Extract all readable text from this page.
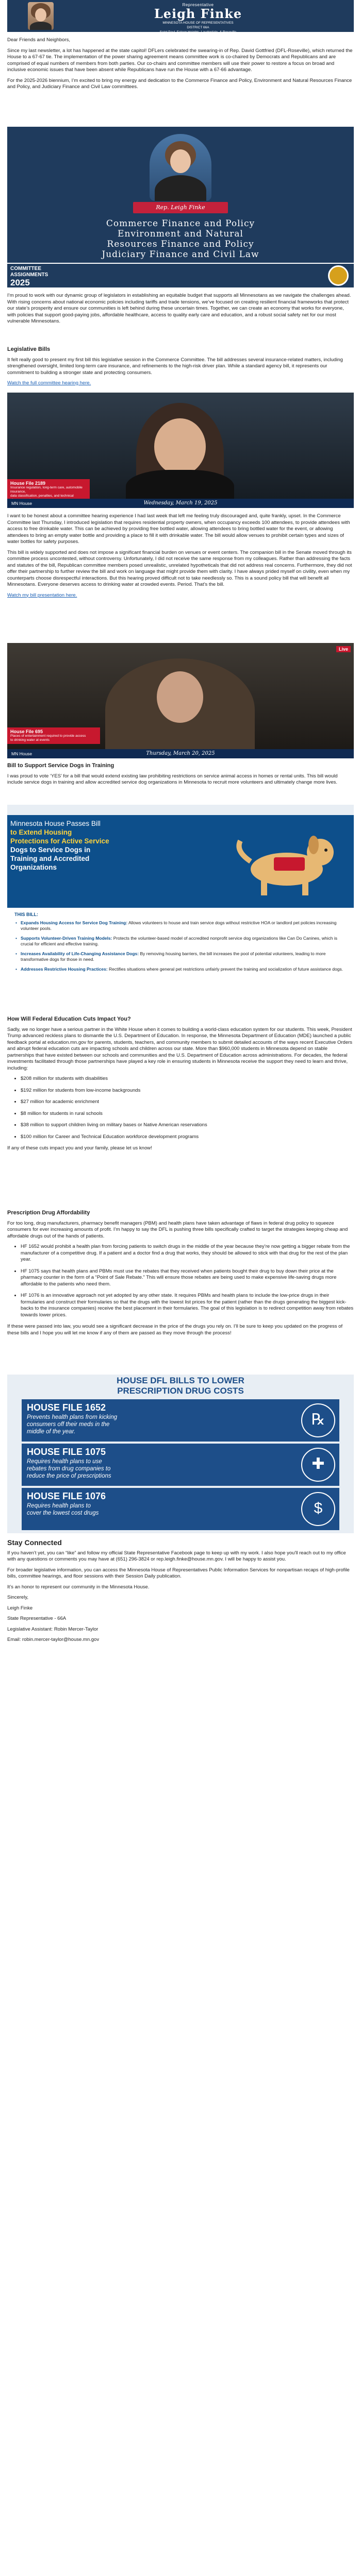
Representative
Leigh Finke
MINNESOTA HOUSE OF REPRESENTATIVES
DISTRICT 66A
Saint Paul, Falcon Heights, Lauderdale, & Roseville

Dear Friends and Neighbors,

Since my last newsletter, a lot has happened at the state capitol! DFLers celebrated the swearing-in of Rep. David Gottfried (DFL-Roseville), which returned the House to a 67-67 tie. The implementation of the power sharing agreement means committee work is co-chaired by Democrats and Republicans and are comprised of equal numbers of members from both parties. Our co-chairs and committee members will use their power to restore a focus on broad and inclusive economic issues that have been absent while Republicans have run the House with a 67-66 advantage.

For the 2025-2026 biennium, I’m excited to bring my energy and dedication to the Commerce Finance and Policy, Environment and Natural Resources Finance and Policy, and Judiciary Finance and Civil Law committees.

Rep. Leigh Finke
Commerce Finance and Policy
Environment and Natural
Resources Finance and Policy
Judiciary Finance and Civil Law
COMMITTEE
ASSIGNMENTS
2025

I’m proud to work with our dynamic group of legislators in establishing an equitable budget that supports all Minnesotans as we navigate the challenges ahead. With rising concerns about national economic policies including tariffs and trade tensions, we’ve focused on creating resilient financial frameworks that protect our state’s prosperity and ensure our communities is left behind during these uncertain times. Together, we can create an economy that works for everyone, with policies that support good-paying jobs, affordable healthcare, access to quality early care and education, and a robust social safety net for our most vulnerable Minnesotans.

Legislative Bills

It felt really good to present my first bill this legislative session in the Commerce Committee. The bill addresses several insurance-related matters, including strengthened oversight, limited long-term care insurance, and refinements to the high-risk driver plan. While a standard agency bill, it represents our commitment to building a stronger state and protecting consumers.

Watch the full committee hearing here.

House File 2189
Insurance regulation, long-term care, automobile insurance,
data classification, penalties, and technical
MN House	Wednesday, March 19, 2025

I want to be honest about a committee hearing experience I had last week that left me feeling truly discouraged and, quite frankly, upset. In the Commerce Committee last Thursday, I introduced legislation that requires residential property owners, when occupancy exceeds 100 attendees, to provide attendees with access to free drinkable water. This can be achieved by providing free bottled water, allowing attendees to bring bottled water for the event, or allowing attendees to bring an empty water bottle and providing a place to fill it with drinkable water. The bill would allow venues to prohibit certain types and sizes of water bottles for safety purposes.

This bill is widely supported and does not impose a significant financial burden on venues or event centers. The companion bill in the Senate moved through its committee process uncontested, without controversy. Unfortunately, I did not receive the same response from my colleagues. Rather than addressing the facts and statutes of the bill, Republican committee members posed unrealistic, unrelated hypotheticals that did not address real concerns. Furthermore, they did not offer their partnership to further review the bill and work on language that might provide them with clarity. I have always prided myself on civility, even when my counterparts choose disrespectful interactions. But this hearing proved difficult not to take needlessly so. This is a sound policy bill that will benefit all Minnesotans. Everyone deserves access to drinking water at crowded events. Period. That’s the bill.

Watch my bill presentation here.

Live
House File 695
Places of entertainment required to provide access
to drinking water at events
MN House	Thursday, March 20, 2025

Bill to Support Service Dogs in Training

I was proud to vote ‘YES’ for a bill that would extend existing law prohibiting restrictions on service animal access in homes or rental units. This bill would include service dogs in training and allow accredited service dog organizations in Minnesota to recruit more volunteers and ultimately change more lives.

Minnesota House Passes Bill
to Extend Housing
Protections for Active Service
Dogs to Service Dogs in
Training and Accredited
Organizations
THIS BILL:
• Expands Housing Access for Service Dog Training: Allows volunteers to house and train service dogs without restrictive HOA or landlord pet policies increasing volunteer pools.
• Supports Volunteer-Driven Training Models: Protects the volunteer-based model of accredited nonprofit service dog organizations like Can Do Canines, which is crucial for efficient and effective training.
• Increases Availability of Life-Changing Assistance Dogs: By removing housing barriers, the bill increases the pool of potential volunteers, leading to more transformative dogs for those in need.
• Addresses Restrictive Housing Practices: Rectifies situations where general pet restrictions unfairly prevent the training and socialization of future assistance dogs.

How Will Federal Education Cuts Impact You?

Sadly, we no longer have a serious partner in the White House when it comes to building a world-class education system for our students. This week, President Trump advanced reckless plans to dismantle the U.S. Department of Education. In response, the Minnesota Department of Education (MDE) launched a public feedback portal at education.mn.gov for parents, students, teachers, and community members to submit detailed accounts of the ways recent Executive Orders and abrupt federal education cuts are impacting schools and children across our state. More than $960,000 students in Minnesota depend on stable partnerships that have existed between our schools and communities and the U.S. Department of Education across administrations. For decades, the federal investments facilitated through those partnerships have played a key role in ensuring students in Minnesota receive the support they need to learn and thrive, including:

• $208 million for students with disabilities
• $192 million for students from low-income backgrounds
• $27 million for academic enrichment
• $8 million for students in rural schools
• $38 million to support children living on military bases or Native American reservations
• $100 million for Career and Technical Education workforce development programs

If any of these cuts impact you and your family, please let us know!

Prescription Drug Affordability

For too long, drug manufacturers, pharmacy benefit managers (PBM) and health plans have taken advantage of flaws in federal drug policy to squeeze consumers for ever increasing amounts of profit. I’m happy to say the DFL is pushing three bills specifically crafted to target the strategies keeping cheap and affordable drugs out of the hands of patients.

• HF 1652 would prohibit a health plan from forcing patients to switch drugs in the middle of the year because they’re now getting a bigger rebate from the manufacturer of a competitive drug. If a patient and a doctor find a drug that works, they should be allowed to stick with that drug for the rest of the plan year.
• HF 1075 says that health plans and PBMs must use the rebates that they received when patients bought their drug to buy down their price at the pharmacy counter in the form of a “Point of Sale Rebate.” This will ensure those rebates are being used to make expensive life-saving drugs more affordable to the patients who need them.
• HF 1076 is an innovative approach not yet adopted by any other state. It requires PBMs and health plans to include the low-price drugs in their formularies and construct their formularies so that the drugs with the lowest list prices for the patient (rather than the drugs generating the biggest kick-backs to the insurance companies) receive the best placement in their formularies. The goal of this legislation is to redirect competition away from rebates towards lower prices.

If these were passed into law, you would see a significant decrease in the price of the drugs you rely on. I’ll be sure to keep you updated on the progress of these bills and I hope you will let me know if any of them are passed as they move through the process!

HOUSE DFL BILLS TO LOWER
PRESCRIPTION DRUG COSTS
HOUSE FILE 1652
Prevents health plans from kicking
consumers off their meds in the
middle of the year.
℞
HOUSE FILE 1075
Requires health plans to use
rebates from drug companies to
reduce the price of prescriptions
✚
HOUSE FILE 1076
Requires health plans to
cover the lowest cost drugs	$

Stay Connected

If you haven’t yet, you can “like” and follow my official State Representative Facebook page to keep up with my work. I also hope you'll reach out to my office with any questions or comments you may have at (651) 296-3824 or rep.leigh.finke@house.mn.gov. I will be happy to assist you.

For broader legislative information, you can access the Minnesota House of Representatives Public Information Services for nonpartisan recaps of high-profile bills, committee hearings, and floor sessions with their Session Daily publication.

It’s an honor to represent our community in the Minnesota House.

Sincerely,

Leigh Finke

State Representative - 66A

Legislative Assistant: Robin Mercer-Taylor

Email: robin.mercer-taylor@house.mn.gov
